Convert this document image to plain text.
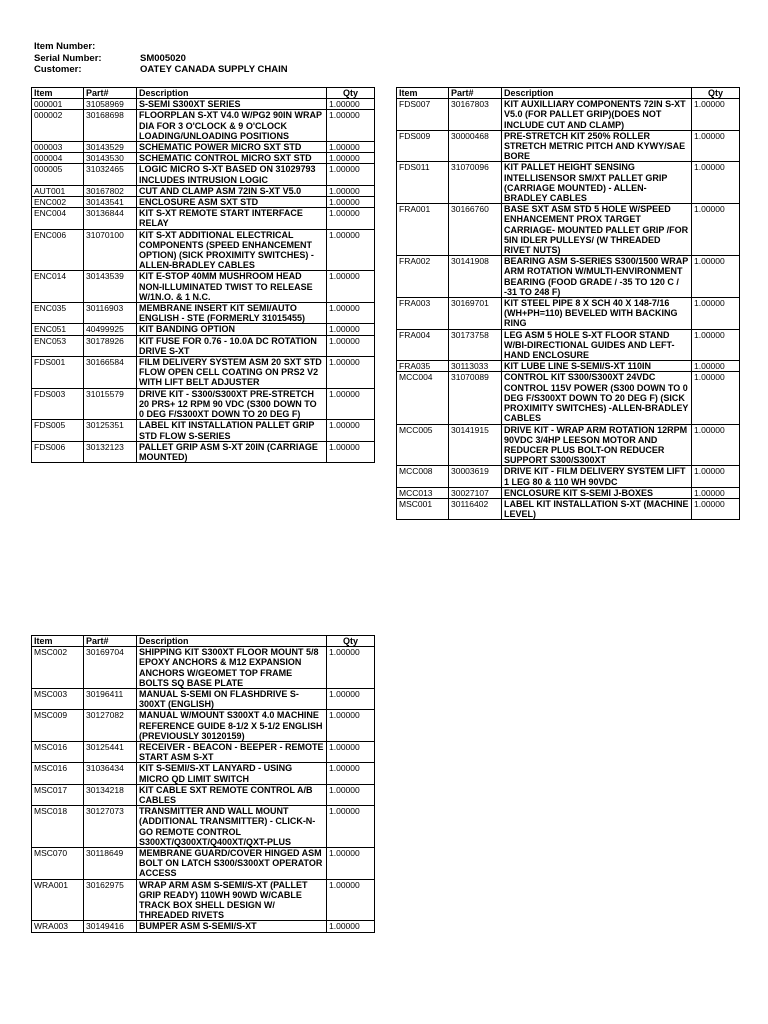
Item Number:
Serial Number:	SM005020
Customer:	OATEY CANADA SUPPLY CHAIN
Item	Part#	Description	Qty
000001	31058969	S-SEMI S300XT SERIES	1.00000
000002	30168698	FLOORPLAN S-XT V4.0 W/PG2 90IN WRAP DIA FOR 3 O'CLOCK & 9 O'CLOCK LOADING/UNLOADING POSITIONS	1.00000
000003	30143529	SCHEMATIC POWER MICRO SXT STD	1.00000
000004	30143530	SCHEMATIC CONTROL MICRO SXT STD	1.00000
000005	31032465	LOGIC MICRO S-XT BASED ON 31029793 INCLUDES INTRUSION LOGIC	1.00000
AUT001	30167802	CUT AND CLAMP ASM 72IN S-XT V5.0	1.00000
ENC002	30143541	ENCLOSURE ASM SXT STD	1.00000
ENC004	30136844	KIT S-XT REMOTE START INTERFACE RELAY	1.00000
ENC006	31070100	KIT S-XT ADDITIONAL ELECTRICAL COMPONENTS (SPEED ENHANCEMENT OPTION) (SICK PROXIMITY SWITCHES) - ALLEN-BRADLEY CABLES	1.00000
ENC014	30143539	KIT E-STOP 40MM MUSHROOM HEAD NON-ILLUMINATED TWIST TO RELEASE W/1N.O. & 1 N.C.	1.00000
ENC035	30116903	MEMBRANE INSERT KIT SEMI/AUTO ENGLISH - STE (FORMERLY 31015455)	1.00000
ENC051	40499925	KIT BANDING OPTION	1.00000
ENC053	30178926	KIT FUSE FOR 0.76 - 10.0A DC ROTATION DRIVE S-XT	1.00000
FDS001	30166584	FILM DELIVERY SYSTEM ASM 20 SXT STD FLOW OPEN CELL COATING ON PRS2 V2 WITH LIFT BELT ADJUSTER	1.00000
FDS003	31015579	DRIVE KIT - S300/S300XT PRE-STRETCH 20 PRS+ 12 RPM 90 VDC (S300 DOWN TO 0 DEG F/S300XT DOWN TO 20 DEG F)	1.00000
FDS005	30125351	LABEL KIT INSTALLATION PALLET GRIP STD FLOW S-SERIES	1.00000
FDS006	30132123	PALLET GRIP ASM S-XT 20IN (CARRIAGE MOUNTED)	1.00000
Item	Part#	Description	Qty
FDS007	30167803	KIT AUXILLIARY COMPONENTS 72IN S-XT V5.0 (FOR PALLET GRIP)(DOES NOT INCLUDE CUT AND CLAMP)	1.00000
FDS009	30000468	PRE-STRETCH KIT 250% ROLLER STRETCH METRIC PITCH AND KYWY/SAE BORE	1.00000
FDS011	31070096	KIT PALLET HEIGHT SENSING INTELLISENSOR SM/XT PALLET GRIP (CARRIAGE MOUNTED) - ALLEN-BRADLEY CABLES	1.00000
FRA001	30166760	BASE SXT ASM STD 5 HOLE W/SPEED ENHANCEMENT PROX TARGET CARRIAGE- MOUNTED PALLET GRIP /FOR 5IN IDLER PULLEYS/ (W THREADED RIVET NUTS)	1.00000
FRA002	30141908	BEARING ASM S-SERIES S300/1500 WRAP ARM ROTATION W/MULTI-ENVIRONMENT BEARING (FOOD GRADE / -35 TO 120 C / -31 TO 248 F)	1.00000
FRA003	30169701	KIT STEEL PIPE 8 X SCH 40 X 148-7/16 (WH+PH=110) BEVELED WITH BACKING RING	1.00000
FRA004	30173758	LEG ASM 5 HOLE S-XT FLOOR STAND W/BI-DIRECTIONAL GUIDES AND LEFT-HAND ENCLOSURE	1.00000
FRA035	30113033	KIT LUBE LINE S-SEMI/S-XT 110IN	1.00000
MCC004	31070089	CONTROL KIT S300/S300XT 24VDC CONTROL 115V POWER (S300 DOWN TO 0 DEG F/S300XT DOWN TO 20 DEG F) (SICK PROXIMITY SWITCHES) -ALLEN-BRADLEY CABLES	1.00000
MCC005	30141915	DRIVE KIT - WRAP ARM ROTATION 12RPM 90VDC 3/4HP LEESON MOTOR AND REDUCER PLUS BOLT-ON REDUCER SUPPORT S300/S300XT	1.00000
MCC008	30003619	DRIVE KIT - FILM DELIVERY SYSTEM LIFT 1 LEG 80 & 110 WH 90VDC	1.00000
MCC013	30027107	ENCLOSURE KIT S-SEMI J-BOXES	1.00000
MSC001	30116402	LABEL KIT INSTALLATION S-XT (MACHINE LEVEL)	1.00000
Item	Part#	Description	Qty
MSC002	30169704	SHIPPING KIT S300XT FLOOR MOUNT 5/8 EPOXY ANCHORS & M12 EXPANSION ANCHORS W/GEOMET TOP FRAME BOLTS SQ BASE PLATE	1.00000
MSC003	30196411	MANUAL S-SEMI ON FLASHDRIVE S-300XT (ENGLISH)	1.00000
MSC009	30127082	MANUAL W/MOUNT S300XT 4.0 MACHINE REFERENCE GUIDE 8-1/2 X 5-1/2 ENGLISH (PREVIOUSLY 30120159)	1.00000
MSC016	30125441	RECEIVER - BEACON - BEEPER - REMOTE START ASM S-XT	1.00000
MSC016	31036434	KIT S-SEMI/S-XT LANYARD - USING MICRO QD LIMIT SWITCH	1.00000
MSC017	30134218	KIT CABLE SXT REMOTE CONTROL A/B CABLES	1.00000
MSC018	30127073	TRANSMITTER AND WALL MOUNT (ADDITIONAL TRANSMITTER) - CLICK-N-GO REMOTE CONTROL S300XT/Q300XT/Q400XT/QXT-PLUS	1.00000
MSC070	30118649	MEMBRANE GUARD/COVER HINGED ASM BOLT ON LATCH S300/S300XT OPERATOR ACCESS	1.00000
WRA001	30162975	WRAP ARM ASM S-SEMI/S-XT (PALLET GRIP READY) 110WH 90WD W/CABLE TRACK BOX SHELL DESIGN W/ THREADED RIVETS	1.00000
WRA003	30149416	BUMPER ASM S-SEMI/S-XT	1.00000
